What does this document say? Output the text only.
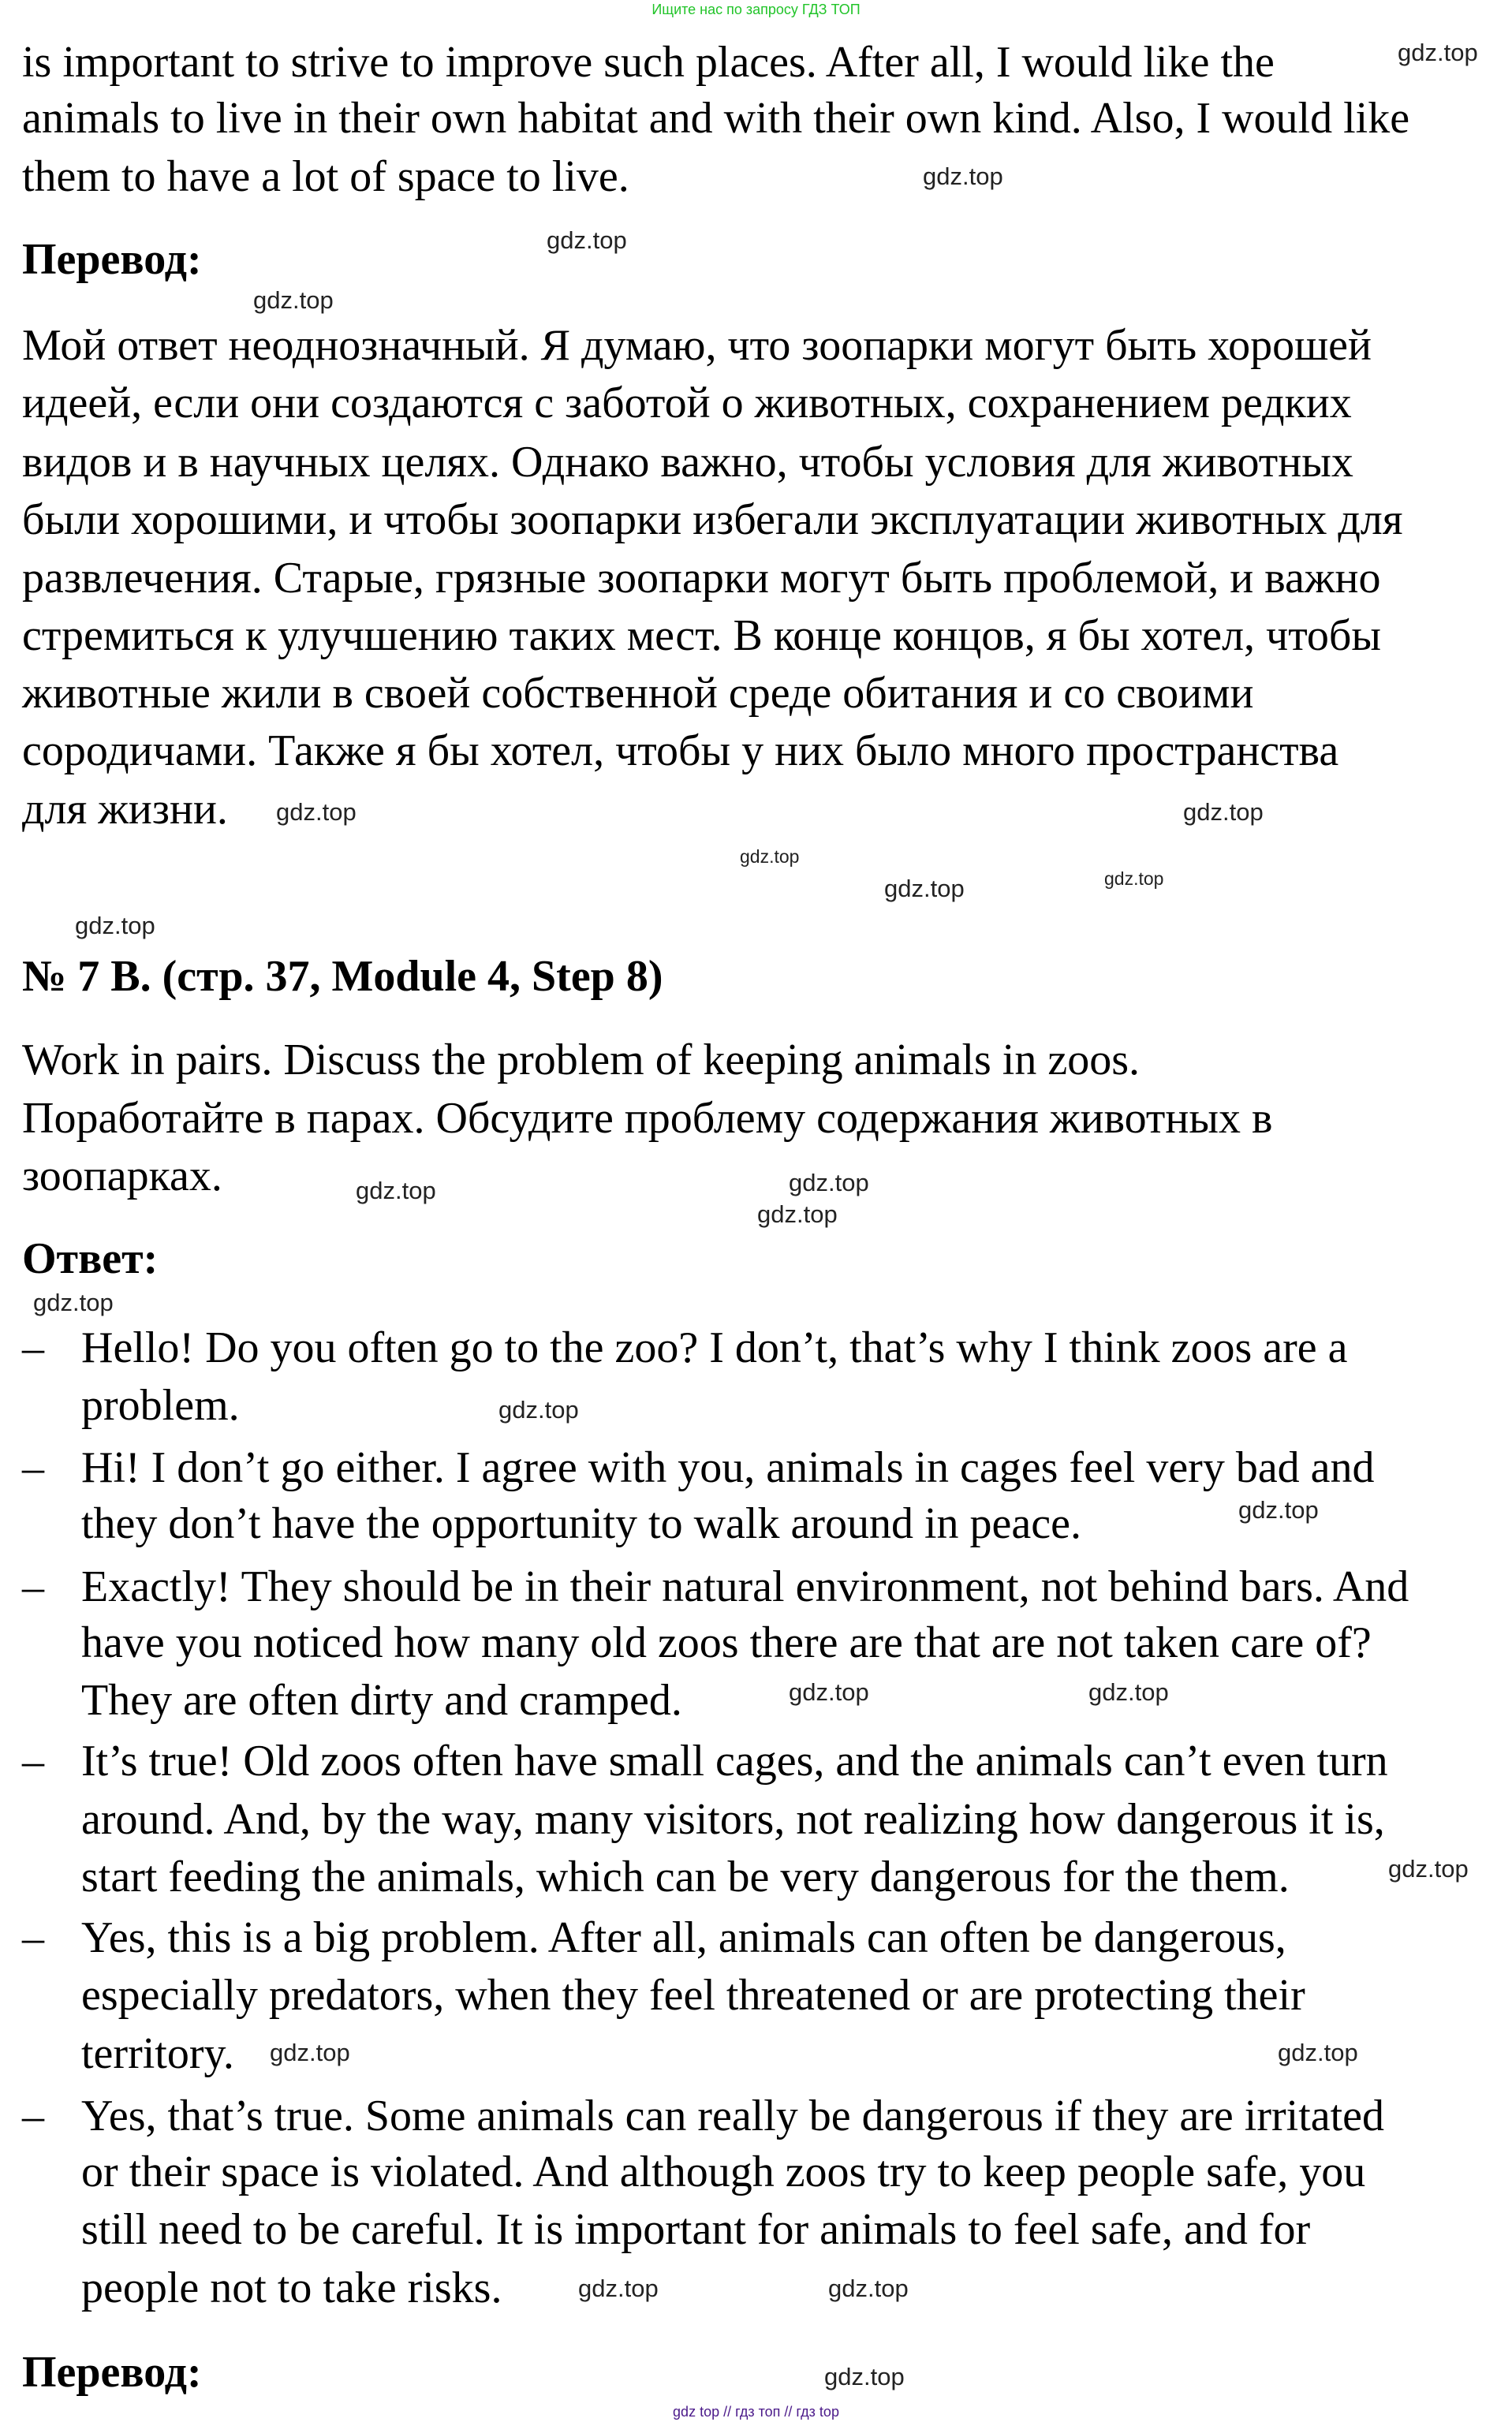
Ищите нас по запросу ГДЗ ТОП
is important to strive to improve such places. After all, I would like the
animals to live in their own habitat and with their own kind. Also, I would like
them to have a lot of space to live.
Перевод:
Мой ответ неоднозначный. Я думаю, что зоопарки могут быть хорошей
идеей, если они создаются с заботой о животных, сохранением редких
видов и в научных целях. Однако важно, чтобы условия для животных
были хорошими, и чтобы зоопарки избегали эксплуатации животных для
развлечения. Старые, грязные зоопарки могут быть проблемой, и важно
стремиться к улучшению таких мест. В конце концов, я бы хотел, чтобы
животные жили в своей собственной среде обитания и со своими
сородичами. Также я бы хотел, чтобы у них было много пространства
для жизни.
№ 7 B. (стр. 37, Module 4, Step 8)
Work in pairs. Discuss the problem of keeping animals in zoos.
Поработайте в парах. Обсудите проблему содержания животных в
зоопарках.
Ответ:
– Hello! Do you often go to the zoo? I don’t, that’s why I think zoos are a
problem.
– Hi! I don’t go either. I agree with you, animals in cages feel very bad and
they don’t have the opportunity to walk around in peace.
– Exactly! They should be in their natural environment, not behind bars. And
have you noticed how many old zoos there are that are not taken care of?
They are often dirty and cramped.
– It’s true! Old zoos often have small cages, and the animals can’t even turn
around. And, by the way, many visitors, not realizing how dangerous it is,
start feeding the animals, which can be very dangerous for the them.
– Yes, this is a big problem. After all, animals can often be dangerous,
especially predators, when they feel threatened or are protecting their
territory.
– Yes, that’s true. Some animals can really be dangerous if they are irritated
or their space is violated. And although zoos try to keep people safe, you
still need to be careful. It is important for animals to feel safe, and for
people not to take risks.
Перевод:
gdz.top
gdz.top
gdz.top
gdz.top
gdz.top
gdz.top
gdz.top
gdz.top
gdz.top
gdz.top
gdz.top
gdz.top
gdz.top
gdz.top
gdz.top
gdz.top
gdz.top
gdz.top
gdz.top
gdz.top	gdz.top
gdz.top	gdz.top
gdz.top
gdz top // гдз топ // гдз top
